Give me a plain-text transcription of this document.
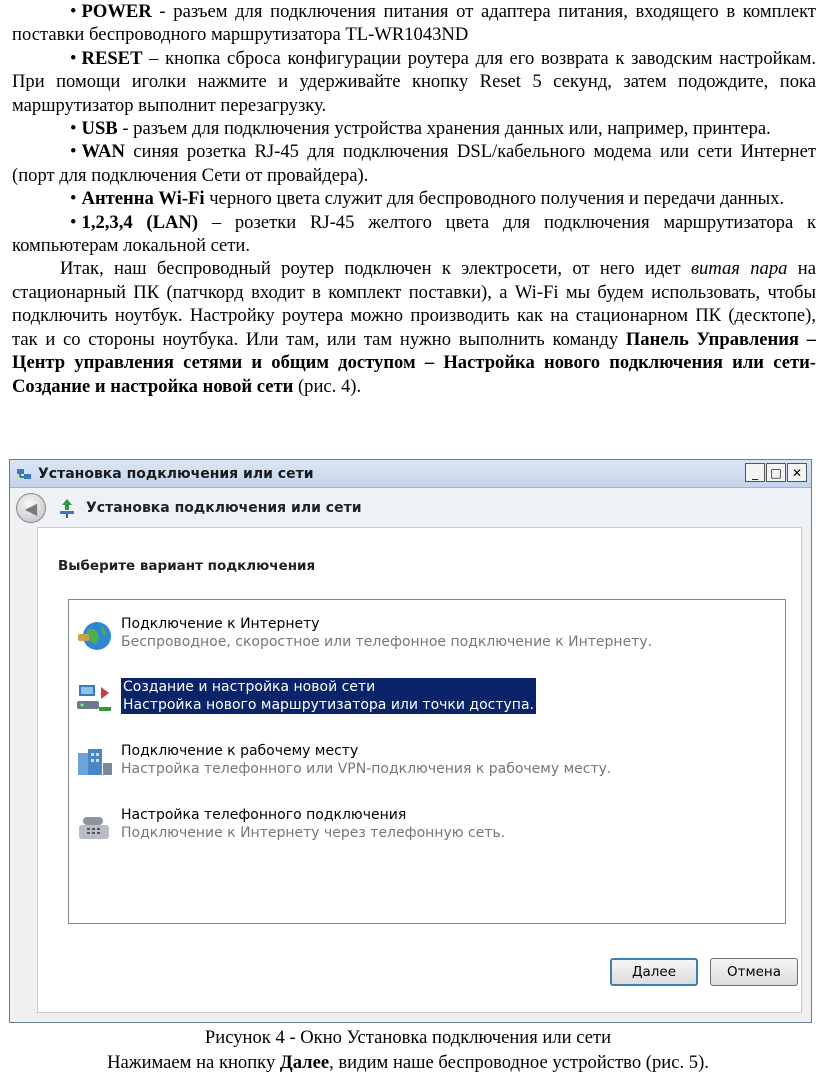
• POWER - разъем для подключения питания от адаптера питания, входящего в комплект поставки беспроводного маршрутизатора TL-WR1043ND

• RESET – кнопка сброса конфигурации роутера для его возврата к заводским настройкам. При помощи иголки нажмите и удерживайте кнопку Reset 5 секунд, затем подождите, пока маршрутизатор выполнит перезагрузку.

• USB - разъем для подключения устройства хранения данных или, например, принтера.

• WAN синяя розетка RJ-45 для подключения DSL/кабельного модема или сети Интернет (порт для подключения Сети от провайдера).

• Антенна Wi-Fi черного цвета служит для беспроводного получения и передачи данных.

• 1,2,3,4 (LAN) – розетки RJ-45 желтого цвета для подключения маршрутизатора к компьютерам локальной сети.

Итак, наш беспроводный роутер подключен к электросети, от него идет витая пара на стационарный ПК (патчкорд входит в комплект поставки), а Wi-Fi мы будем использовать, чтобы подключить ноутбук. Настройку роутера можно производить как на стационарном ПК (десктопе), так и со стороны ноутбука. Или там, или там нужно выполнить команду Панель Управления – Центр управления сетями и общим доступом – Настройка нового подключения или сети-Создание и настройка новой сети (рис. 4).

Установка подключения или сети	_	□ ✕
◀	Установка подключения или сети
Выберите вариант подключения
Подключение к Интернету
Беспроводное, скоростное или телефонное подключение к Интернету.
Создание и настройка новой сети
Настройка нового маршрутизатора или точки доступа.
Подключение к рабочему месту
Настройка телефонного или VPN-подключения к рабочему месту.
Настройка телефонного подключения
Подключение к Интернету через телефонную сеть.
Д алее	Отмена
Рисунок 4 - Окно Установка подключения или сети
Нажимаем на кнопку Далее, видим наше беспроводное устройство (рис. 5).
